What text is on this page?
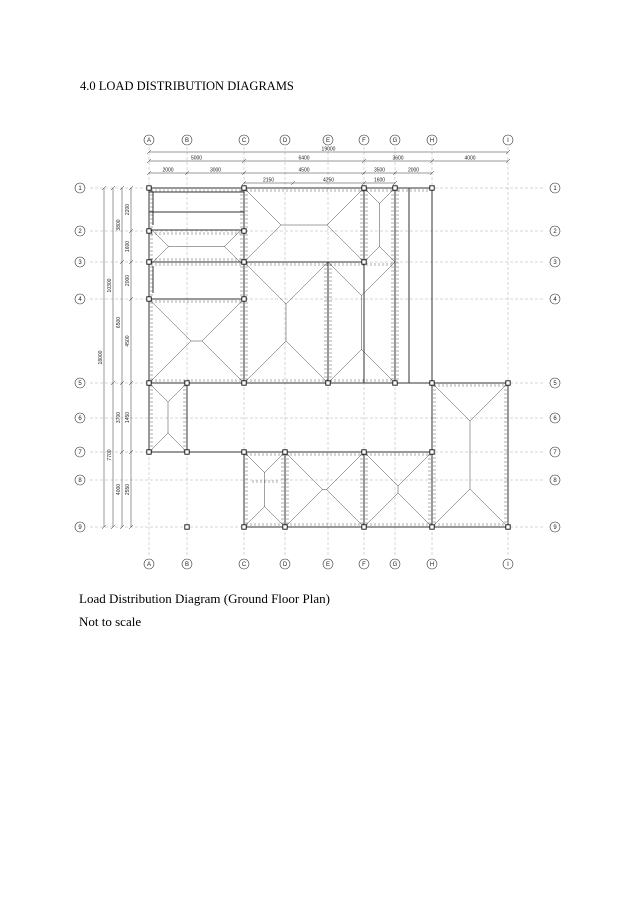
4.0 LOAD DISTRIBUTION DIAGRAMS
19000
5000	6400	3600	4000
2000	3000	4500	3500	2000
2150	4250	1600
18000
10300
7700
3800
6500
3700
4000
2200
1600
2000
4500
1450
2550
A
A
B
B
C
C
D
D
E
E
F
F
G
G
H
H
I
I
1	1
2	2
3	3
4	4
5	5
6	6
7	7
8	8
9	9

Load Distribution Diagram (Ground Floor Plan)

Not to scale
